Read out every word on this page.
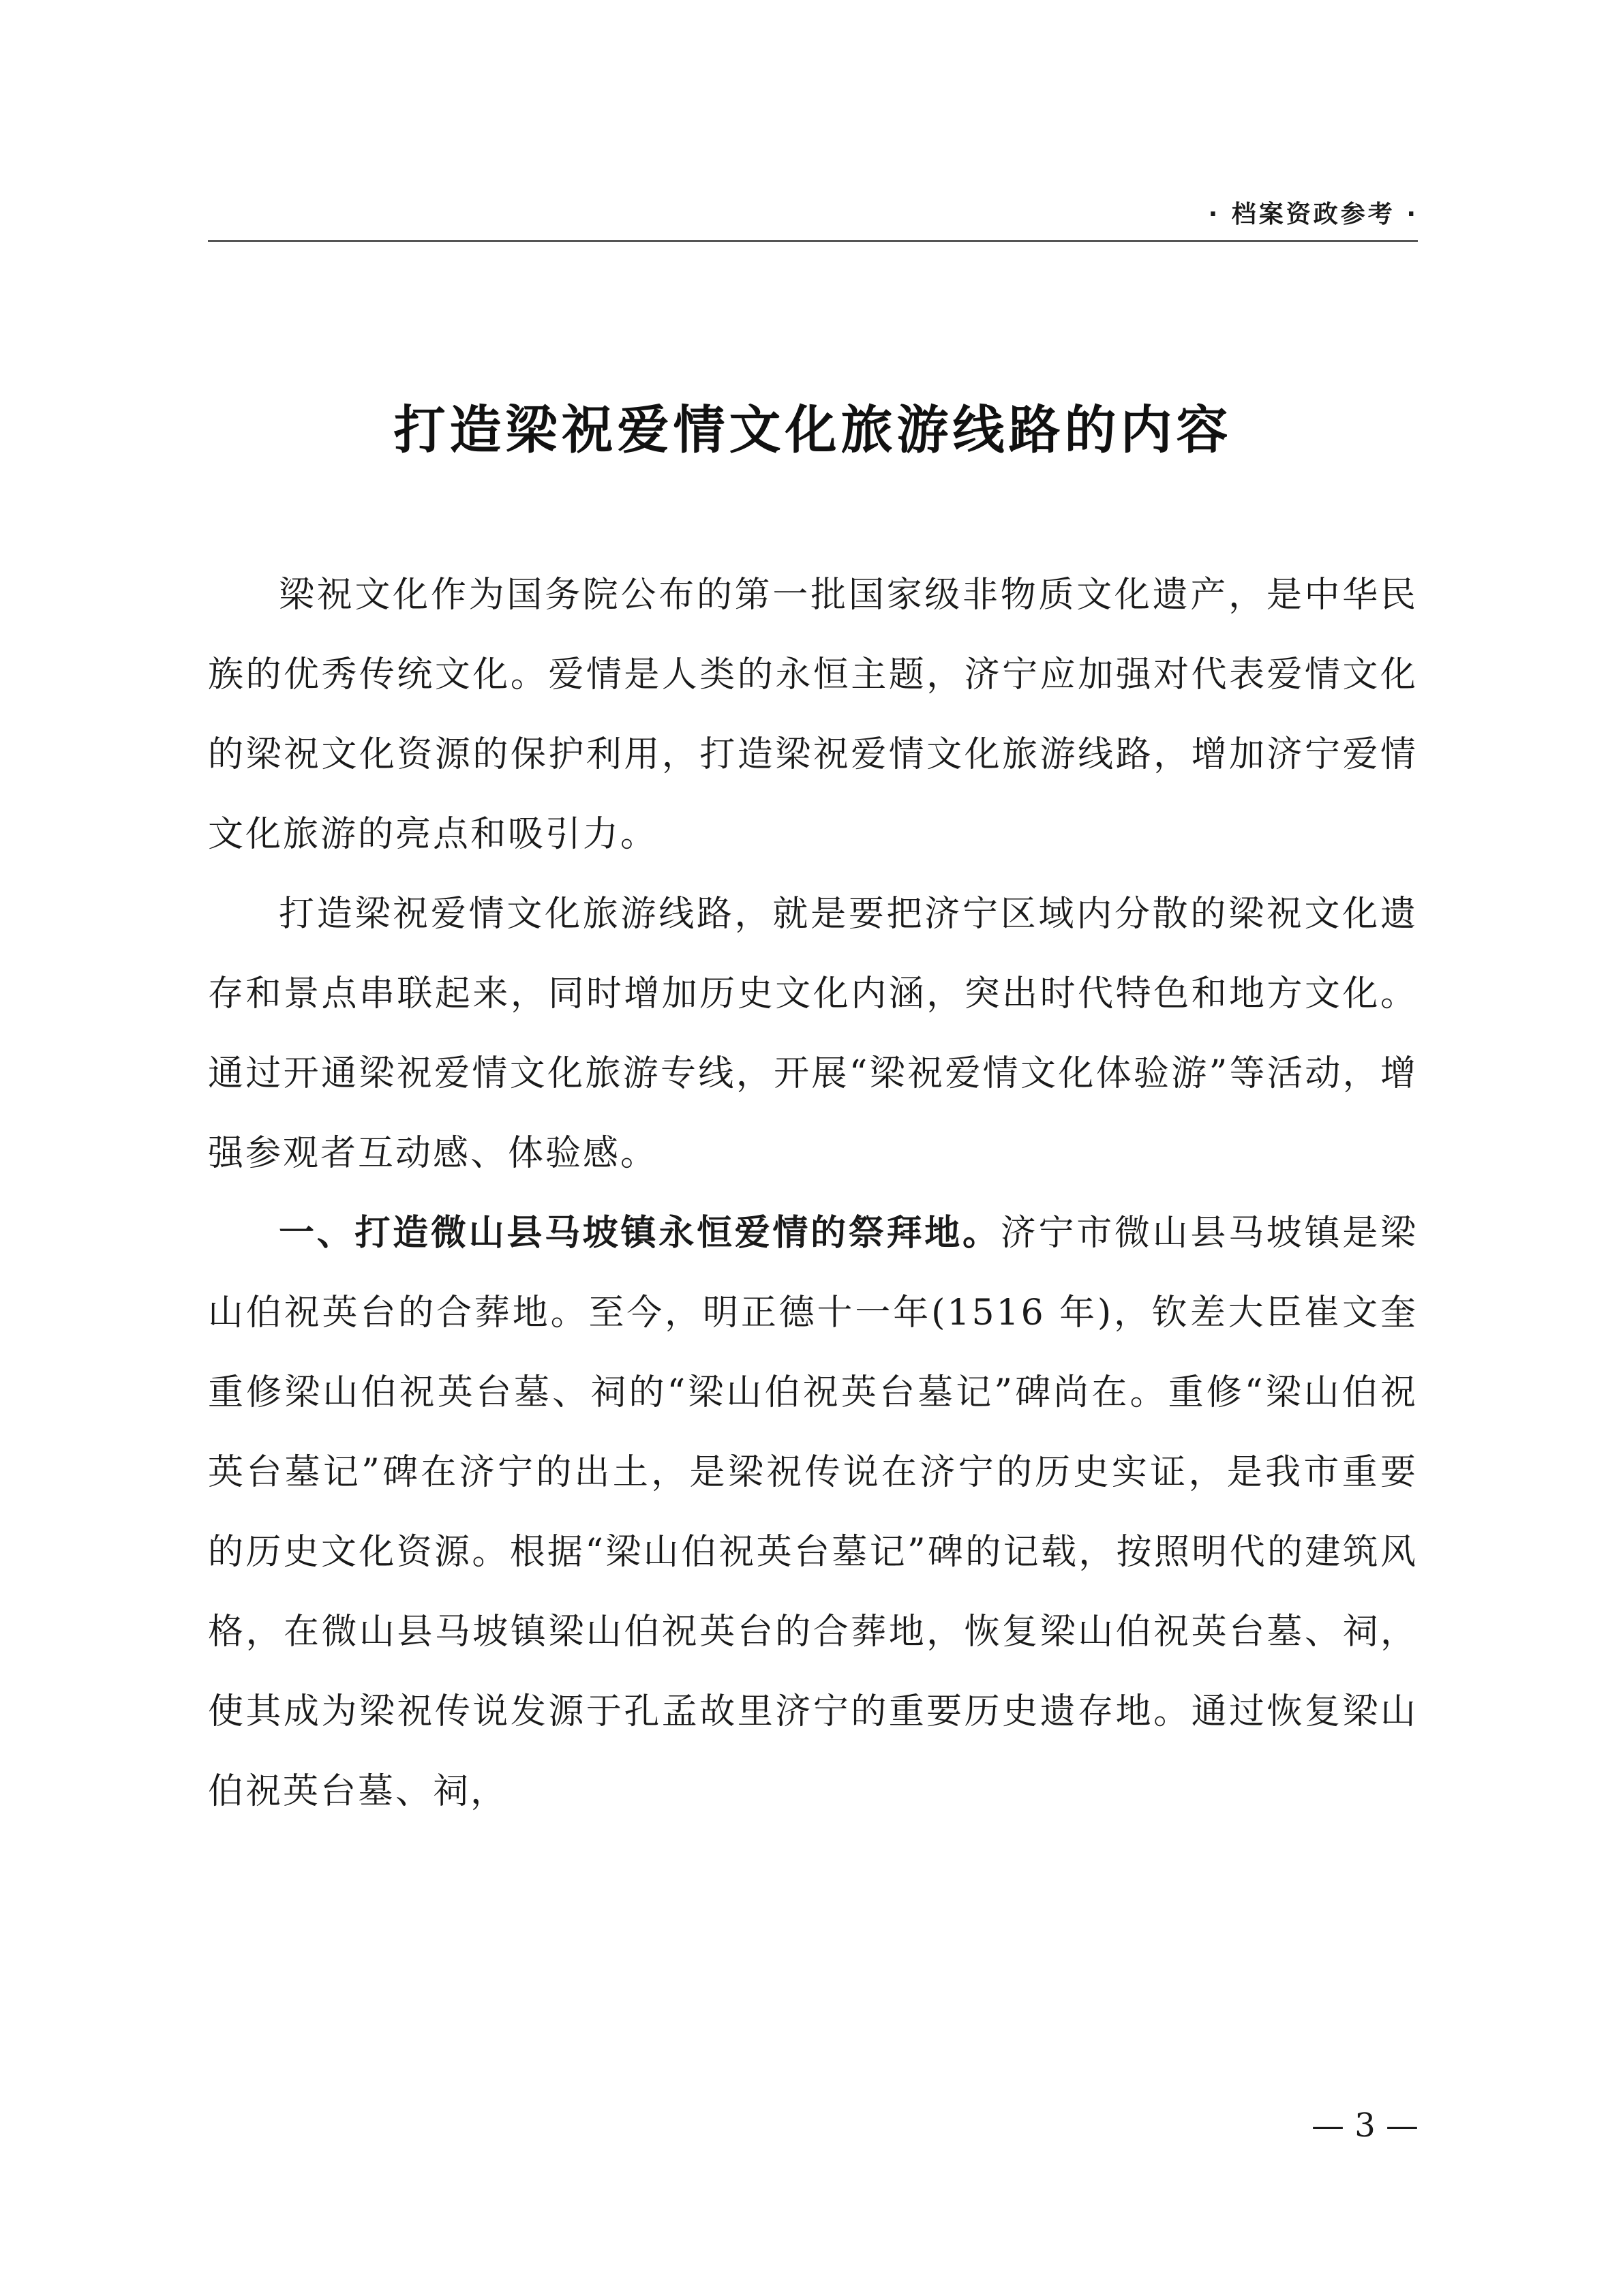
· 档案资政参考 ·
打造梁祝爱情文化旅游线路的内容

梁祝文化作为国务院公布的第一批国家级非物质文化遗产，是中华民族的优秀传统文化。爱情是人类的永恒主题，济宁应加强对代表爱情文化的梁祝文化资源的保护利用，打造梁祝爱情文化旅游线路，增加济宁爱情文化旅游的亮点和吸引力。

打造梁祝爱情文化旅游线路，就是要把济宁区域内分散的梁祝文化遗存和景点串联起来，同时增加历史文化内涵，突出时代特色和地方文化。通过开通梁祝爱情文化旅游专线，开展“梁祝爱情文化体验游”等活动，增强参观者互动感、体验感。

一、打造微山县马坡镇永恒爱情的祭拜地。济宁市微山县马坡镇是梁山伯祝英台的合葬地。至今，明正德十一年(1516 年)，钦差大臣崔文奎重修梁山伯祝英台墓、祠的“梁山伯祝英台墓记”碑尚在。重修“梁山伯祝英台墓记”碑在济宁的出土，是梁祝传说在济宁的历史实证，是我市重要的历史文化资源。根据“梁山伯祝英台墓记”碑的记载，按照明代的建筑风格，在微山县马坡镇梁山伯祝英台的合葬地，恢复梁山伯祝英台墓、祠，使其成为梁祝传说发源于孔孟故里济宁的重要历史遗存地。通过恢复梁山伯祝英台墓、祠，

— 3 —
